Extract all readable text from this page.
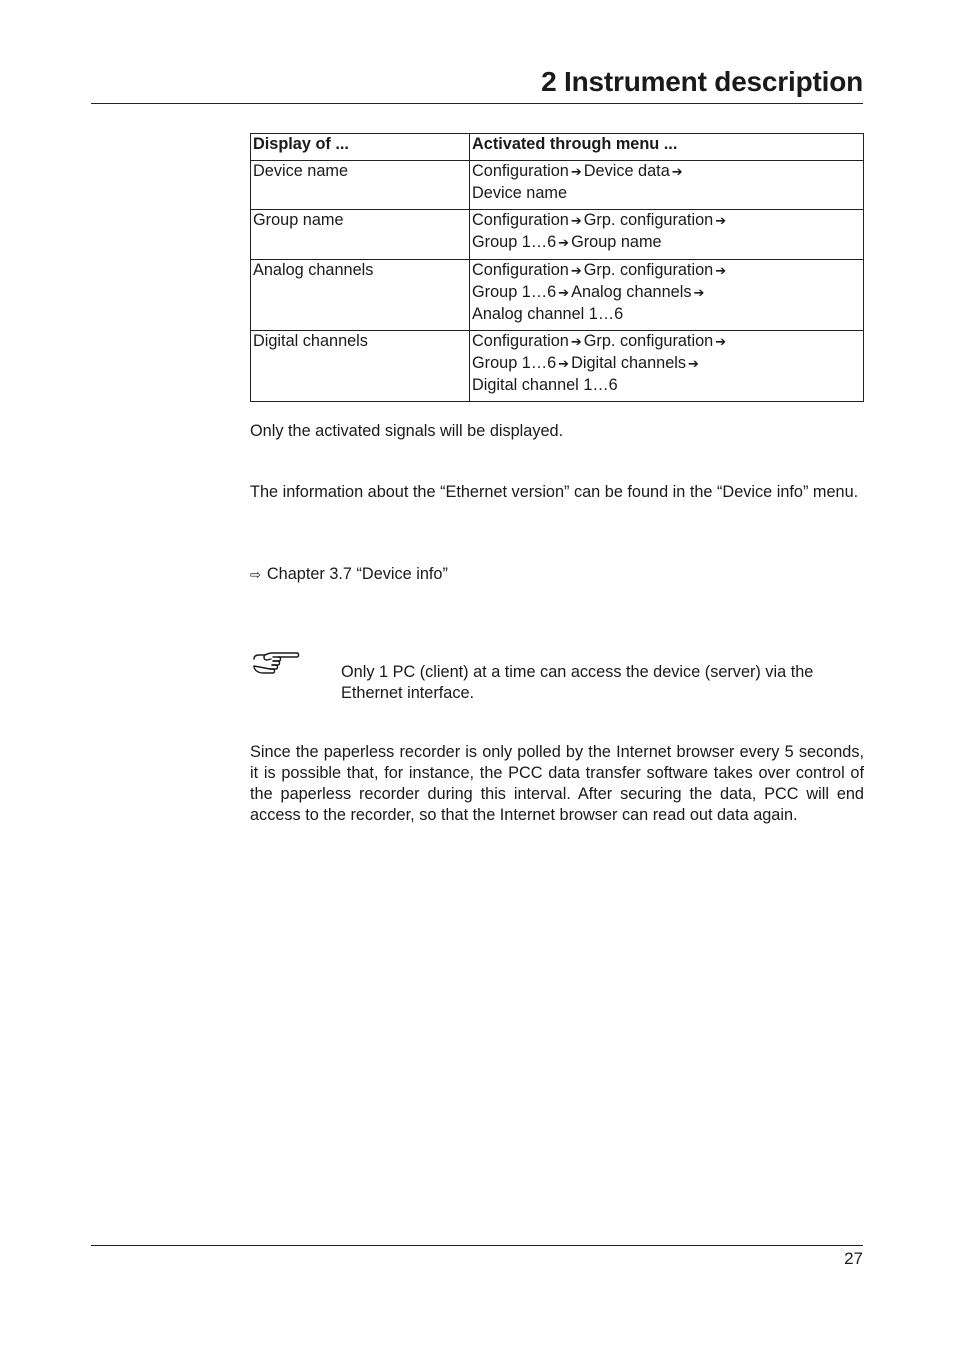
2 Instrument description
Display of ...	Activated through menu ...
Device name	Configuration ➔ Device data ➔
Device name

Group name	Configuration ➔ Grp. configuration ➔
Group 1…6 ➔ Group name

Analog channels	Configuration ➔ Grp. configuration ➔
Group 1…6 ➔ Analog channels ➔
Analog channel 1…6

Digital channels	Configuration ➔ Grp. configuration ➔
Group 1…6 ➔ Digital channels ➔
Digital channel 1…6

Only the activated signals will be displayed.

The information about the “Ethernet version” can be found in the “Device info” menu.

⇨ Chapter 3.7 “Device info”

Only 1 PC (client) at a time can access the device (server) via the Ethernet interface.

Since the paperless recorder is only polled by the Internet browser every 5 seconds, it is possible that, for instance, the PCC data transfer software takes over control of the paperless recorder during this interval. After securing the data, PCC will end access to the recorder, so that the Internet browser can read out data again.

27
